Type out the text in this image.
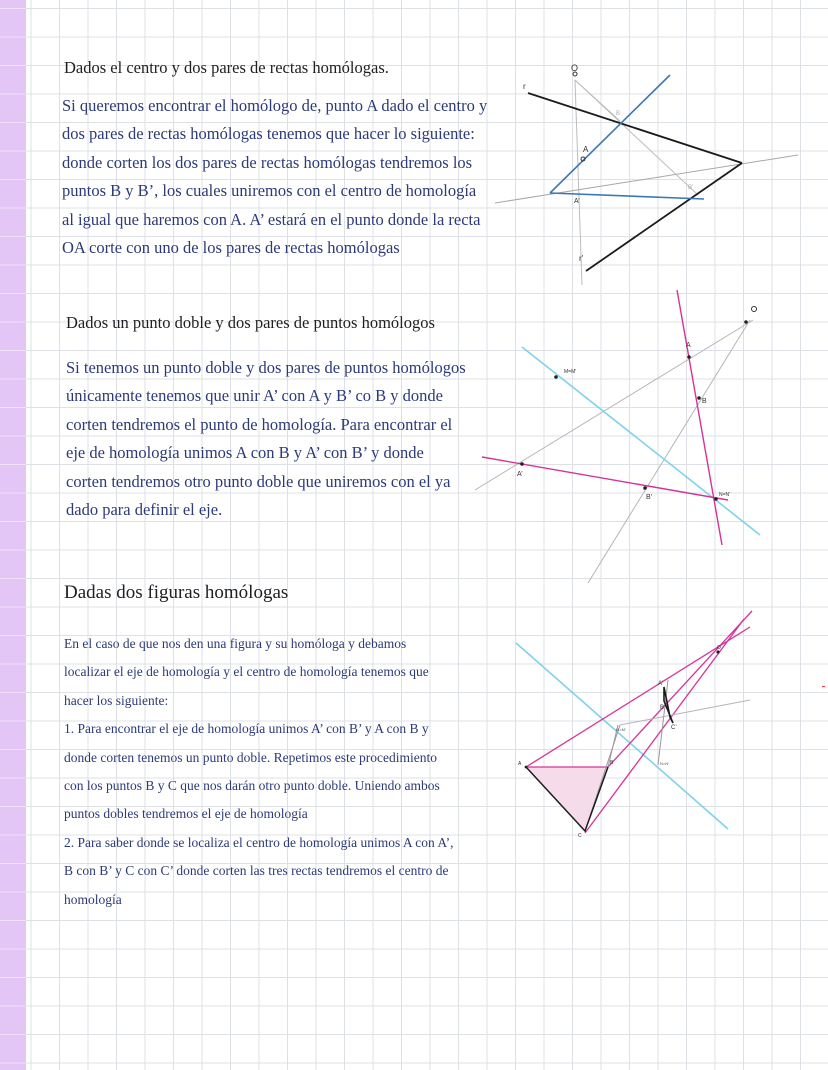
Dados el centro y dos pares de rectas homólogas.

Si queremos encontrar el homólogo de, punto A dado el centro y dos pares de rectas homólogas tenemos que hacer lo siguiente: donde corten los dos pares de rectas homólogas tendremos los puntos B y B’, los cuales uniremos con el centro de homología al igual que haremos con A. A’ estará en el punto donde la recta OA corte con uno de los pares de rectas homólogas

O
r
r'
A
A’
B
B’
Dados un punto doble y dos pares de puntos homólogos

Si tenemos un punto doble y dos pares de puntos homólogos únicamente tenemos que unir A’ con A y B’ co B y donde corten tendremos el punto de homología. Para encontrar el eje de homología unimos A con B y A’ con B’ y donde corten tendremos otro punto doble que uniremos con el ya dado para definir el eje.

M=M’
A
B
A’
B’	N=N’
Dadas dos figuras homólogas
En el caso de que nos den una figura y su homóloga y debamos
localizar el eje de homología y el centro de homología tenemos que
hacer los siguiente:
1. Para encontrar el eje de homología unimos A’ con B’ y A con B y
donde corten tenemos un punto doble. Repetimos este procedimiento
con los puntos B y C que nos darán otro punto doble. Uniendo ambos
puntos dobles tendremos el eje de homología
2. Para saber donde se localiza el centro de homología unimos A con A’,
B con B’ y C con C’ donde corten las tres rectas tendremos el centro de
homología
O
A	B
C
M=M’
N=N’
C’
A’
B’
